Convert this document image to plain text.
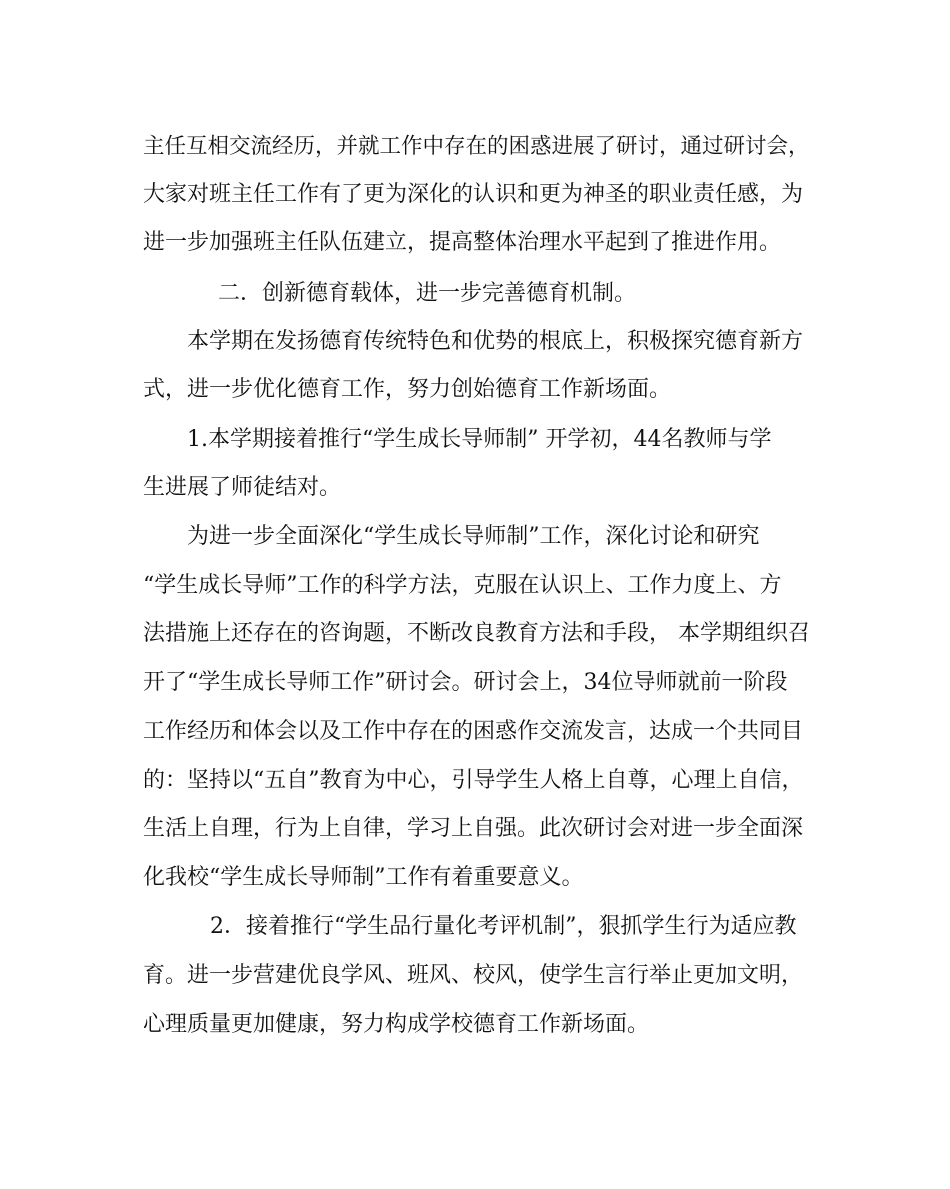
主任互相交流经历，并就工作中存在的困惑进展了研讨，通过研讨会，
大家对班主任工作有了更为深化的认识和更为神圣的职业责任感，为
进一步加强班主任队伍建立，提高整体治理水平起到了推进作用。
二．创新德育载体，进一步完善德育机制。
本学期在发扬德育传统特色和优势的根底上，积极探究德育新方
式，进一步优化德育工作，努力创始德育工作新场面。
1.本学期接着推行“学生成长导师制” 开学初，44名教师与学
生进展了师徒结对。
为进一步全面深化“学生成长导师制”工作，深化讨论和研究
“学生成长导师”工作的科学方法，克服在认识上、工作力度上、方
法措施上还存在的咨询题，不断改良教育方法和手段， 本学期组织召
开了“学生成长导师工作”研讨会。研讨会上，34位导师就前一阶段
工作经历和体会以及工作中存在的困惑作交流发言，达成一个共同目
的：坚持以“五自”教育为中心，引导学生人格上自尊，心理上自信，
生活上自理，行为上自律，学习上自强。此次研讨会对进一步全面深
化我校“学生成长导师制”工作有着重要意义。
2．接着推行“学生品行量化考评机制”，狠抓学生行为适应教
育。进一步营建优良学风、班风、校风，使学生言行举止更加文明，
心理质量更加健康，努力构成学校德育工作新场面。
